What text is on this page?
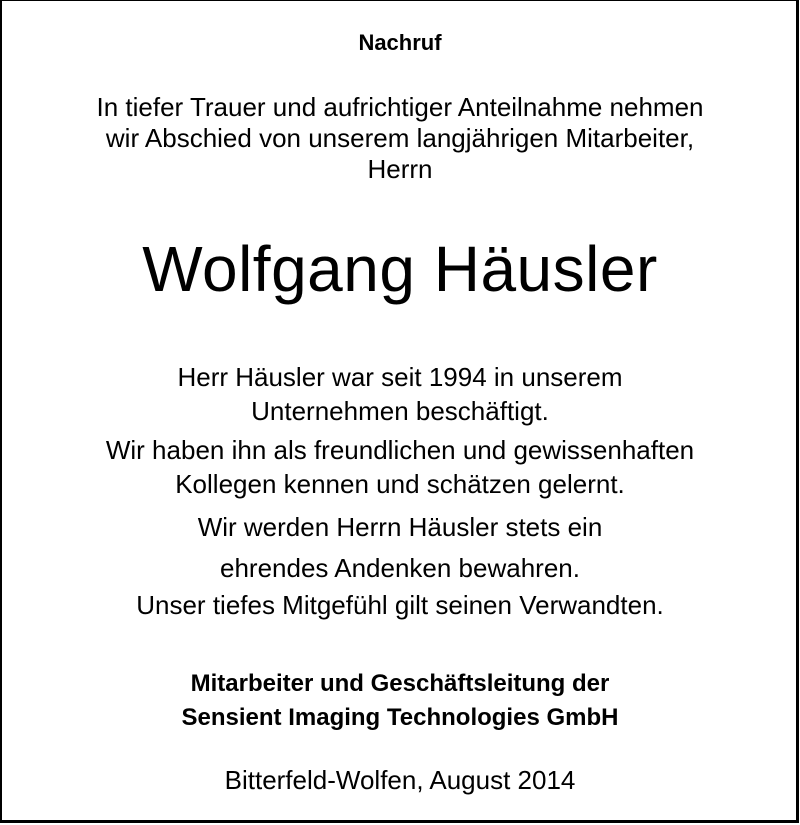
Nachruf
In tiefer Trauer und aufrichtiger Anteilnahme nehmen
wir Abschied von unserem langjährigen Mitarbeiter,
Herrn
Wolfgang Häusler
Herr Häusler war seit 1994 in unserem
Unternehmen beschäftigt.
Wir haben ihn als freundlichen und gewissenhaften
Kollegen kennen und schätzen gelernt.
Wir werden Herrn Häusler stets ein
ehrendes Andenken bewahren.
Unser tiefes Mitgefühl gilt seinen Verwandten.
Mitarbeiter und Geschäftsleitung der
Sensient Imaging Technologies GmbH
Bitterfeld-Wolfen, August 2014
